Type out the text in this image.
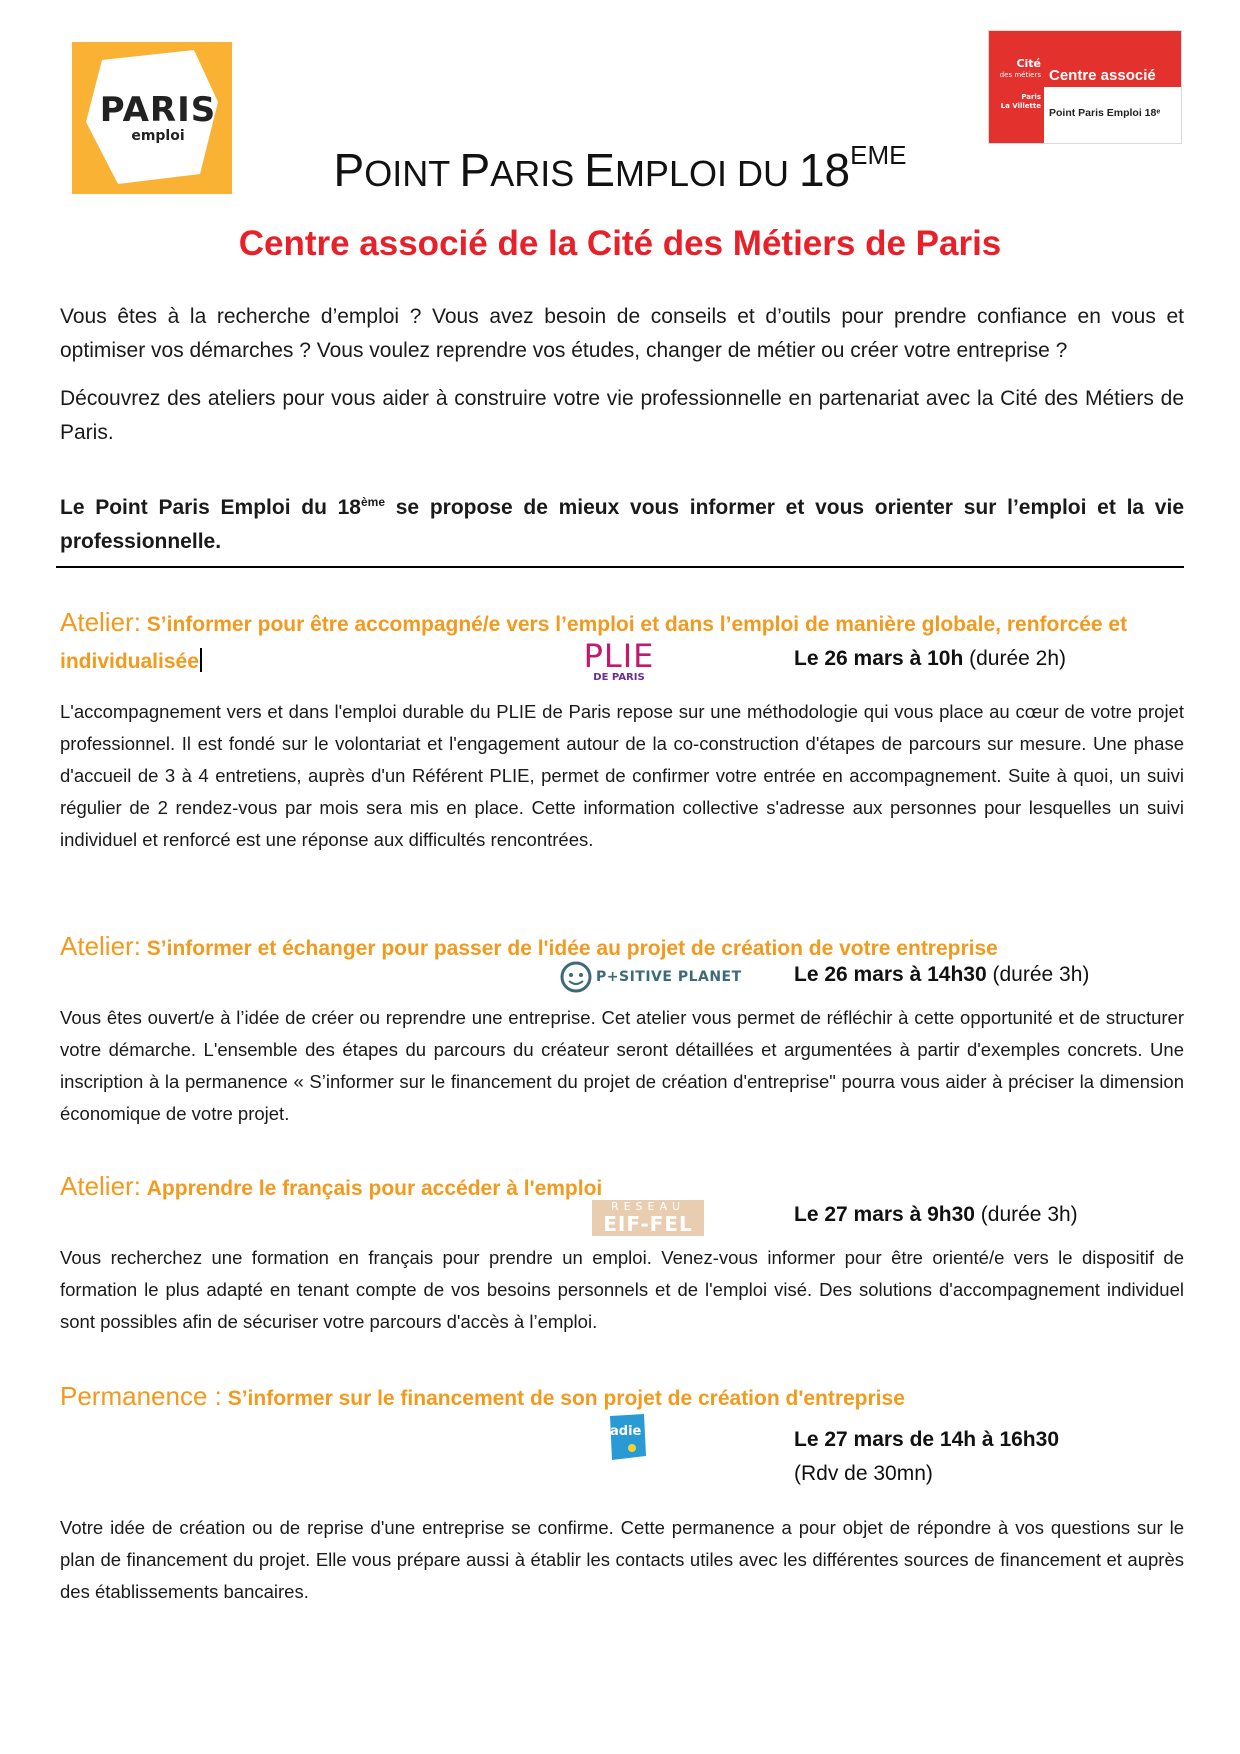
PARIS
emploi
Cité
des métiers
Paris
La Villette
Centre associé
Point Paris Emploi 18ᵉ
POINT PARIS EMPLOI DU 18EME
Centre associé de la Cité des Métiers de Paris

Vous êtes à la recherche d’emploi ? Vous avez besoin de conseils et d’outils pour prendre confiance en vous et optimiser vos démarches ? Vous voulez reprendre vos études, changer de métier ou créer votre entreprise ?

Découvrez des ateliers pour vous aider à construire votre vie professionnelle en partenariat avec la Cité des Métiers de Paris.

Le Point Paris Emploi du 18ème se propose de mieux vous informer et vous orienter sur l’emploi et la vie professionnelle.

Atelier: S’informer pour être accompagné/e vers l’emploi et dans l’emploi de manière globale, renforcée et individualisée	PLIE
DE PARIS
Le 26 mars à 10h (durée 2h)

L'accompagnement vers et dans l'emploi durable du PLIE de Paris repose sur une méthodologie qui vous place au cœur de votre projet professionnel. Il est fondé sur le volontariat et l'engagement autour de la co-construction d'étapes de parcours sur mesure. Une phase d'accueil de 3 à 4 entretiens, auprès d'un Référent PLIE, permet de confirmer votre entrée en accompagnement. Suite à quoi, un suivi régulier de 2 rendez-vous par mois sera mis en place. Cette information collective s'adresse aux personnes pour lesquelles un suivi individuel et renforcé est une réponse aux difficultés rencontrées.

Atelier: S’informer et échanger pour passer de l'idée au projet de création de votre entreprise

P+SITIVE PLANET Le 26 mars à 14h30 (durée 3h)

Vous êtes ouvert/e à l’idée de créer ou reprendre une entreprise. Cet atelier vous permet de réfléchir à cette opportunité et de structurer votre démarche. L'ensemble des étapes du parcours du créateur seront détaillées et argumentées à partir d'exemples concrets. Une inscription à la permanence « S’informer sur le financement du projet de création d'entreprise" pourra vous aider à préciser la dimension économique de votre projet.

Atelier: Apprendre le français pour accéder à l'emploi

RESEAU
EIF-FEL	Le 27 mars à 9h30 (durée 3h)

Vous recherchez une formation en français pour prendre un emploi. Venez-vous informer pour être orienté/e vers le dispositif de formation le plus adapté en tenant compte de vos besoins personnels et de l'emploi visé. Des solutions d'accompagnement individuel sont possibles afin de sécuriser votre parcours d'accès à l’emploi.

Permanence : S’informer sur le financement de son projet de création d'entreprise

adie	Le 27 mars de 14h à 16h30
(Rdv de 30mn)

Votre idée de création ou de reprise d'une entreprise se confirme. Cette permanence a pour objet de répondre à vos questions sur le plan de financement du projet. Elle vous prépare aussi à établir les contacts utiles avec les différentes sources de financement et auprès des établissements bancaires.
